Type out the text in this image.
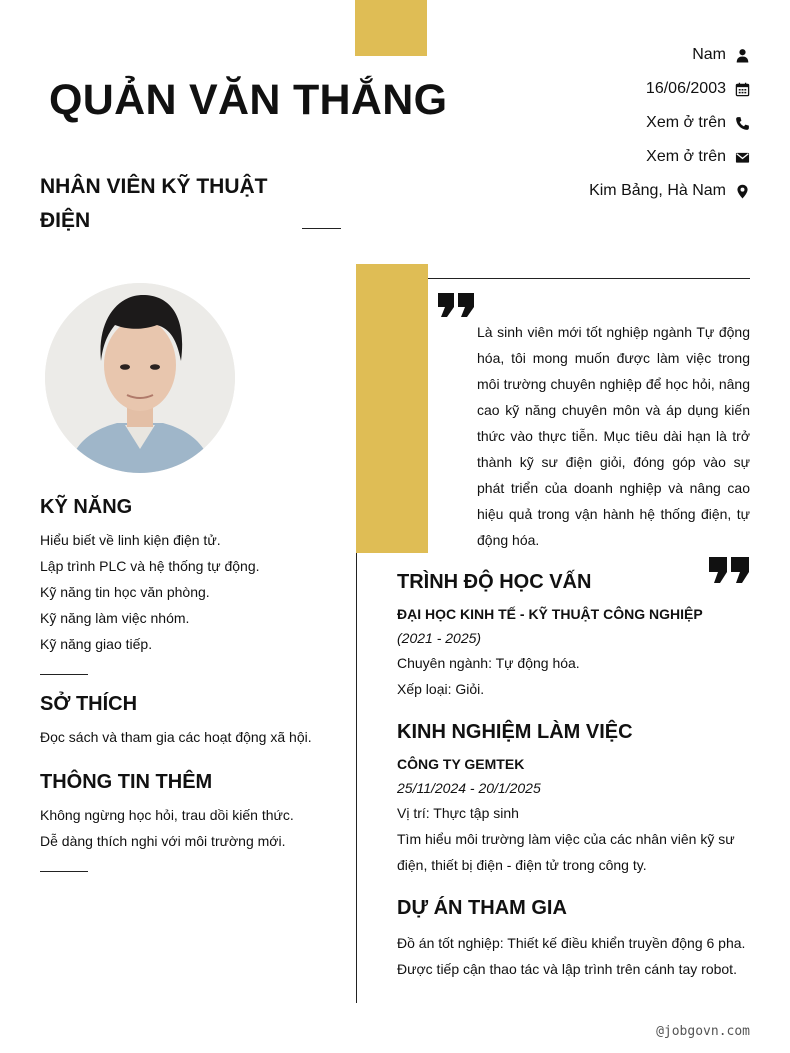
QUẢN VĂN THẮNG
NHÂN VIÊN KỸ THUẬT ĐIỆN
Nam
16/06/2003
Xem ở trên
Xem ở trên
Kim Bảng, Hà Nam
KỸ NĂNG
Hiểu biết về linh kiện điện tử.
Lập trình PLC và hệ thống tự động.
Kỹ năng tin học văn phòng.
Kỹ năng làm việc nhóm.
Kỹ năng giao tiếp.
SỞ THÍCH
Đọc sách và tham gia các hoạt động xã hội.
THÔNG TIN THÊM
Không ngừng học hỏi, trau dồi kiến thức.
Dễ dàng thích nghi với môi trường mới.
Là sinh viên mới tốt nghiệp ngành Tự động hóa, tôi mong muốn được làm việc trong môi trường chuyên nghiệp để học hỏi, nâng cao kỹ năng chuyên môn và áp dụng kiến thức vào thực tiễn. Mục tiêu dài hạn là trở thành kỹ sư điện giỏi, đóng góp vào sự phát triển của doanh nghiệp và nâng cao hiệu quả trong vận hành hệ thống điện, tự động hóa.
TRÌNH ĐỘ HỌC VẤN
ĐẠI HỌC KINH TẾ - KỸ THUẬT CÔNG NGHIỆP
(2021 - 2025)
Chuyên ngành: Tự động hóa.
Xếp loại: Giỏi.
KINH NGHIỆM LÀM VIỆC
CÔNG TY GEMTEK
25/11/2024 - 20/1/2025
Vị trí: Thực tập sinh
Tìm hiểu môi trường làm việc của các nhân viên kỹ sư
điện, thiết bị điện - điện tử trong công ty.
DỰ ÁN THAM GIA
Đồ án tốt nghiệp: Thiết kế điều khiển truyền động 6 pha.
Được tiếp cận thao tác và lập trình trên cánh tay robot.
@jobgovn.com
